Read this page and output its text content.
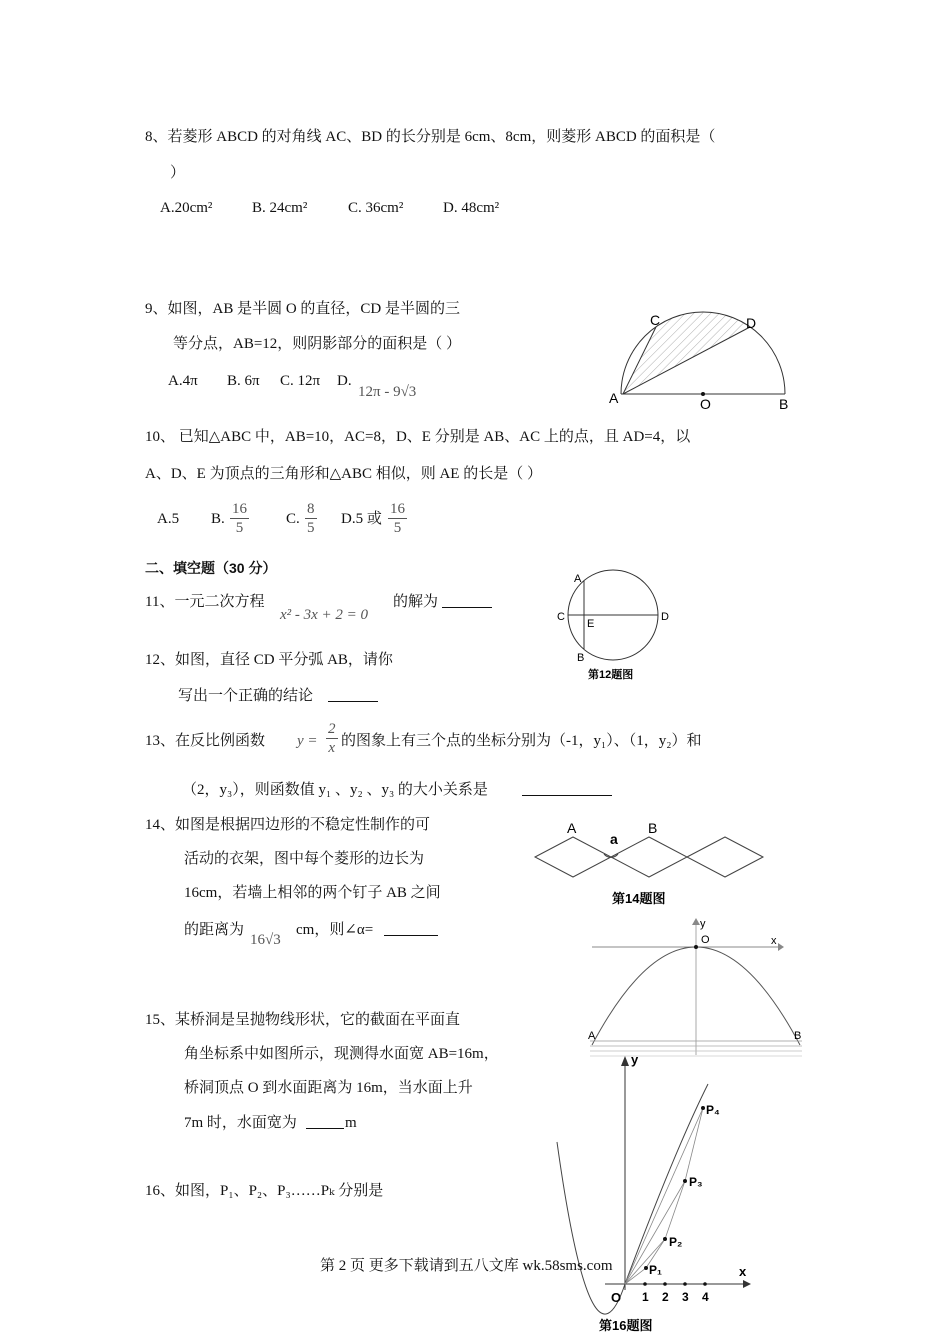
8、若菱形 ABCD 的对角线 AC、BD 的长分别是 6cm、8cm，则菱形 ABCD 的面积是（
）
A.20cm²	B. 24cm²	C. 36cm²	D. 48cm²
9、如图，AB 是半圆 O 的直径，CD 是半圆的三
等分点，AB=12，则阴影部分的面积是（ ）
A.4π B. 6π C. 12π D.
12π - 9√3
C	D
A	O	B
10、 已知△ABC 中，AB=10，AC=8，D、E 分别是 AB、AC 上的点，且 AD=4，以
A、D、E 为顶点的三角形和△ABC 相似，则 AE 的长是（ ）
A.5 B. $\frac{16}{5} C$. $\frac{8}{5} D.5$ 或 $\frac{16}{5}$
二、填空题（30 分）
11、一元二次方程
x² - 3x + 2 = 0
的解为
A
C
E
D
B
第12题图
12、如图，直径 CD 平分弧 AB，请你
写出一个正确的结论
13、在反比例函数 $y = \frac{2}{x}$ 的图象上有三个点的坐标分别为（-1，y₁）、（1，y₂）和
（2，y₃），则函数值 y₁ 、y₂ 、y₃ 的大小关系是
A
a
B
第14题图
14、如图是根据四边形的不稳定性制作的可
活动的衣架，图中每个菱形的边长为
16cm，若墙上相邻的两个钉子 AB 之间
的距离为
16√3
cm，则∠α=	y
O	x
A	B
15、某桥洞是呈抛物线形状，它的截面在平面直
角坐标系中如图所示，现测得水面宽 AB=16m，
桥洞顶点 O 到水面距离为 16m，当水面上升
7m 时，水面宽为	m
y
x
O
P₁
P₂
P₃
P₄
1 2 3 4
第16题图
16、如图，P₁、P₂、P₃……Pₖ 分别是
第 2 页 更多下载请到五八文库 wk.58sms.com
